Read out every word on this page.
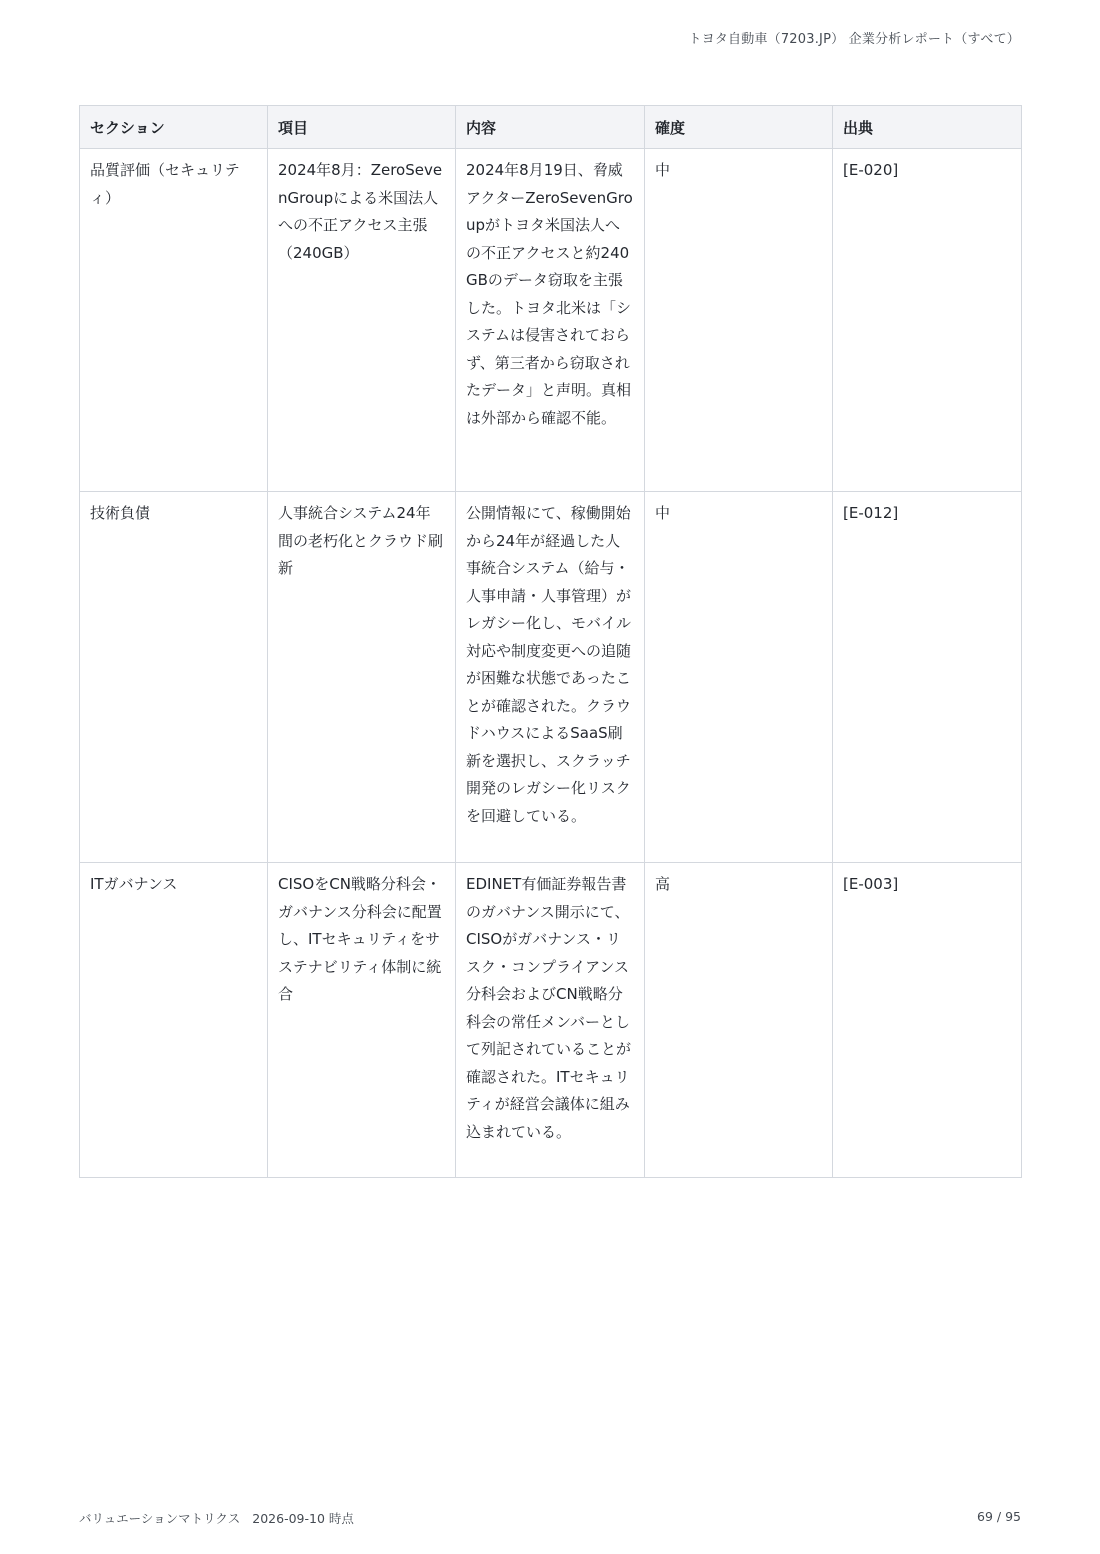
トヨタ自動車（7203.JP） 企業分析レポート（すべて）
セクション	項目	内容	確度	出典
品質評価（セキュリティ）	2024年8月：ZeroSevenGroupによる米国法人への不正アクセス主張（240GB）	2024年8月19日、脅威アクターZeroSevenGroupがトヨタ米国法人への不正アクセスと約240GBのデータ窃取を主張した。トヨタ北米は「システムは侵害されておらず、第三者から窃取されたデータ」と声明。真相は外部から確認不能。	中	[E-020]
技術負債	人事統合システム24年間の老朽化とクラウド刷新	公開情報にて、稼働開始から24年が経過した人事統合システム（給与・人事申請・人事管理）がレガシー化し、モバイル対応や制度変更への追随が困難な状態であったことが確認された。クラウドハウスによるSaaS刷新を選択し、スクラッチ開発のレガシー化リスクを回避している。	中	[E-012]
ITガバナンス	CISOをCN戦略分科会・ガバナンス分科会に配置し、ITセキュリティをサステナビリティ体制に統合	EDINET有価証券報告書のガバナンス開示にて、CISOがガバナンス・リスク・コンプライアンス分科会およびCN戦略分科会の常任メンバーとして列記されていることが確認された。ITセキュリティが経営会議体に組み込まれている。	高	[E-003]
バリュエーションマトリクス 2026-09-10 時点	69 / 95
